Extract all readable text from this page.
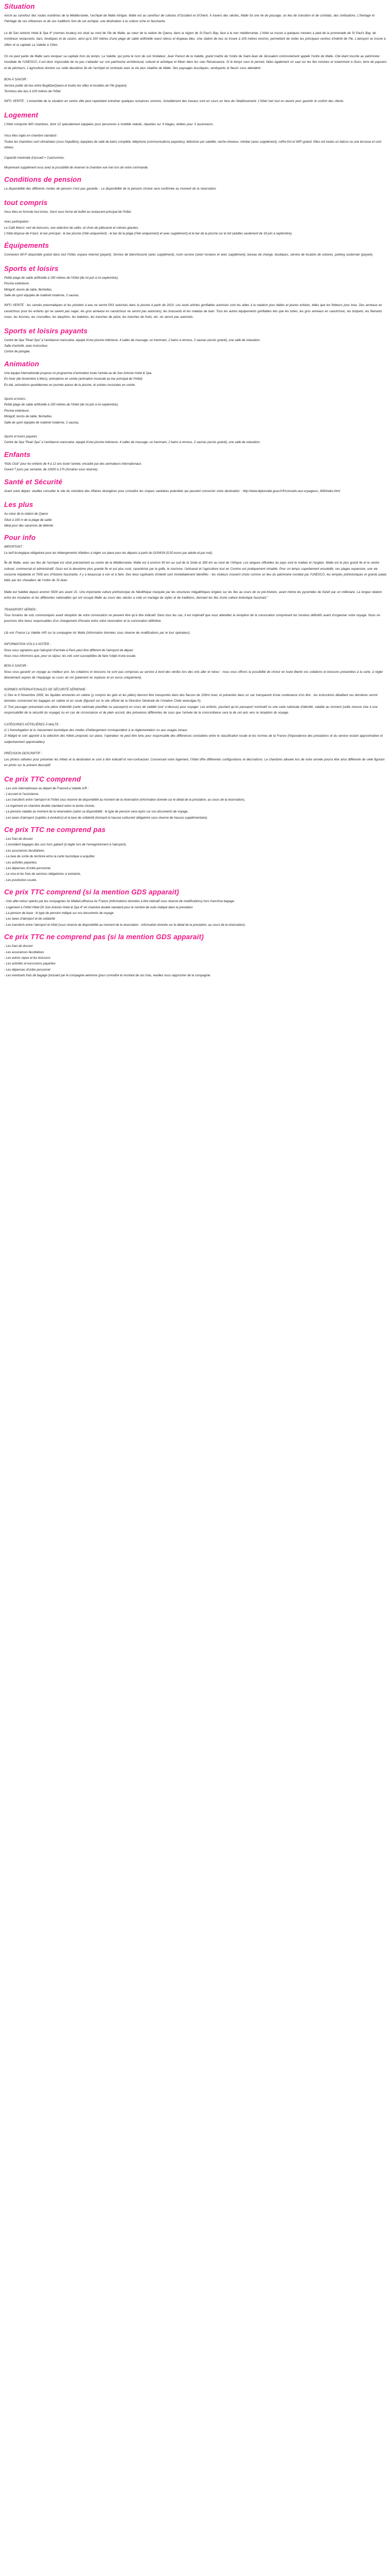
Situation

Ancré au carrefour des routes maritimes de la Méditerranée, l’archipel de Malte intrigue. Malte est au carrefour de cultures d’Occident et d’Orient. À travers des siècles, Malte fut une île de passage, un lieu de transition et de combats, des civilisations. L’héritage et l’héritage de ces influences et de ces traditions font de cet archipel, une destination à la culture riche et fascinante.

Le dit San Antonio Hotel & Spa 4* (normes locales) est situé au nord de l’île de Malte, au cœur de la station de Qawra, dans la région de St Paul’s Bay, face à la mer méditerranée. L’hôtel se trouve à quelques minutes à pied de la promenade de St Paul’s Bay, de nombreux restaurants, bars, boutiques et du casino, ainsi qu’à 100 mètres d’une plage de sable artificielle ouest rebrou et drapeau bleu. Une station de bus se trouve à 100 mètres environ, permettant de visiter les principaux centres d’intérêt de l’île. L’aéroport se trouve à 18km et la capitale La Valette à 15km.

On ne peut parler de Malte sans évoquer sa capitale hors du temps: La Valette, qui porte le nom de son fondateur, Jean Parisot de la Valette, grand maître de l’ordre de Saint-Jean de Jérusalem communément appelé l’ordre de Malte. Cité étant inscrite au patrimoine mondiale de l’UNESCO, il est donc impossible de ne pas s’attarder sur son patrimoine architectural, culturel et artistique et flâner dans les rues Renaissance. Si le temps vous le permet, faites également un saut sur les îles voisines et notamment à Gozo, terre de paysans et de pêcheurs. L’agriculture domine sur cette deuxième île de l’archipel et contraste avec la vie plus citadine de Malte. Des paysages bucoliques, verdoyants et fleuris vous attendent.

BON À SAVOIR :
Service public de bus entre Bugibba/Qawra et toutes les villes et localités de l’île (payant).
Terminus des bus à 100 mètres de l’hôtel

INFO VERITE : L’ensemble de la situation en centre ville peut cependant entraîner quelques nuisances sonores. Actuellement des travaux sont en cours en face de l’établissement. L’hôtel met tout en œuvre pour garantir le confort des clients.

Logement

L’hôtel comporte 600 chambres, dont 13 spécialement équipées pour personnes à mobilité réduite, réparties sur 9 étages, dotées pour 3 ascenseurs.

Vous êtes logés en chambre standard :
Toutes les chambres sont climatisées (sous l’équilibre), équipées de salle de bains complète, téléphone (communications payantes), télévision par satellite, sèche-cheveux, minibar (avec supplément), coffre-fort et WiFi gratuit. Elles ont toutes un balcon ou une terrasse et sont vitrées.
Capacité maximale d’accueil = 3 personnes.
Moyennant supplément vous avez la possibilité de réserver la chambre vue mer lors de votre commande.
Conditions de pension

La disponibilité des différents modes de pension n’est pas garantie - La disponibilité de la pension choisie sera confirmée au moment de la réservation.

tout compris
Vous êtes en formule tout inclus. Servi sous forme de buffet au restaurant principal de l’hôtel.
Avec participation :
Le Café Marco: vert de boissons, une sélection de cafés, et choix de pâtisserie et crèmes glacées.
L’hôtel dispose de 4 bars: le bar principal - le bar piscine (l’été uniquement) - le bar de la plage (l’été uniquement) et avec supplément) et le bar de la piscine sur le toit (adultes seulement de 18 juin à septembre).
Équipements

Connexion Wi-Fi disponible gratuit dans tout l’hôtel, espace internet (payant). Service de blanchisserie (avec supplément), room service (selon horaires et avec supplément), bureau de change, boutiques, service de location de voitures, parking souterrain (payant).

Sports et loisirs
Petite plage de sable artificielle à 100 mètres de l’hôtel (de mi-juin à mi-septembre).
Piscine extérieure.
Minigolf, tennis de table, fléchettes.
Salle de sport équipée de matériel moderne, 2 saunas.

INFO VERITE : les canoës pneumatiques et les pistolets à eau ne seront PAS autorisés dans la piscine à partir de 2019. Les seuls articles gonflables autorisés sont les aides à la natation pour bébés et jeunes enfants, telles que les flotteurs pour bras. Des anneaux en caoutchouc pour les enfants qui ne savent pas nager, les gros anneaux en caoutchouc ne seront pas autorisés), les brassards et les matelas de bain. Tous les autres équipements gonflables tels que les tubes, les gros anneaux en caoutchouc, les briquets, les flamants roses, les licornes, les crocodiles, les dauphins, les baleines, les tranches de pizza, les tranches de fruits, etc. ne seront pas autorisés.

Sports et loisirs payants
Centre de Spa “Pearl Spa” à l’ambiance marocaine, équipé d’une piscine intérieure, 4 salles de massage, un hammam, 2 bains à remous, 2 saunas (accès gratuit), une salle de relaxation.
Salle d’activité, avec instructeur.
Centre de plongée.
Animation
Une équipe internationale propose un programme d’animation toute l’année au de San Antonio Hotel & Spa.
En hiver (de Novembre à Mars), animations en soirée (animation musicale au bar principal de l’hôtel).
En été, animations quotidiennes en journée autour de la piscine, et soirées musicales en soirée.
Sports et loisirs :
Petite plage de sable artificielle à 100 mètres de l’hôtel (de mi-juin à mi-septembre).
Piscine extérieure.
Minigolf, tennis de table, fléchettes.
Salle de sport équipée de matériel moderne, 2 saunas.
Sports et loisirs payants :
Centre de Spa “Pearl Spa” à l’ambiance marocaine, équipé d’une piscine intérieure, 4 salles de massage, un hammam, 2 bains à remous, 2 saunas (accès gratuit), une salle de relaxation.
Enfants
“Kids Club” pour les enfants de 4 à 12 ans toute l’année, encadré par des animateurs internationaux.
Ouvert 7 jours par semaine, de 10h00 à 17h (horaires sous réserve).
Santé et Sécurité

Avant votre départ, veuillez consulter le site du ministère des Affaires étrangères pour connaître les risques sanitaires potentiels qui peuvent concerner votre destination : http://www.diplomatie.gouv.fr/fr/conseils-aux-voyageurs_909/index.html

Les plus
Au cœur de la station de Qawra
Situé à 100 m de la plage de sable
Idéal pour des vacances de détente
Pour info
IMPORTANT :
Le tarif écologique obligatoire pour les hébergements hôteliers à régler sur place pour les départs à partir du 01/04/16 (0,50 euros par adulte et par nuit).

Île de Malte, avec ses îles de l’archipel est situé précisément au centre de la Méditerranée. Malte est à environ 90 km au sud de la Sicile et 300 km au nord de l’Afrique. Les langues officielles du pays sont le maltais et l’anglais. Malte est le plus grand île et le centre culturel, commercial et administratif. Gozo est la deuxième plus grande île et est plus rural, caractérisé par le golfe, le tourisme, l’artisanat et l’agriculture tout en Comino est pratiquement inhabité. Pour un temps superbement ensoleillé, ses plages expansive, une vie nocturne trépidante et 7000 ans d’histoire fascinante, il y a beaucoup à voir et à faire. Des lieux captivants d’intérêt sont immédiatement identifiés - les visiteurs trouvent choisi comme un lieu du patrimoine mondial par l’UNESCO, les temples préhistoriques et grands palais bâtis par les chevaliers de l’ordre de St-Jean.

Malte est habitée depuis environ 5000 ans avant JC. Une importante culture préhistorique du Néolithique marquée par les structures mégalithiques érigées sur les îles au cours de ce pré-histoire, avant même les pyramides de Gizeh par un millénaire. La longue relation entre les insulaires et les différentes nationalités qui ont occupé Malte au cours des siècles a créé un mariage de styles et de traditions, donnant les îles d’une culture éclectique fascinant.”

TRANSPORT AÉRIEN :

Tous horaires de vols communiqués avant réception de votre convocation ne peuvent être qu’à titre indicatif. Dans tous les cas, il est impératif que vous attendiez la réception de la convocation comprenant les horaires définitifs avant d’organiser votre voyage. Nous ne pourrions être tenus responsables d’un changement d’horaire entre votre réservation et la convocation définitive.

Lib voir France La Valette A/R sur la compagnie Air Malta (Information données sous réserve de modifications par le tour opérateur).

INFORMATION VOLS A NOTER :
Nous vous signalons que l’aéroport d’arrivée à Paris peut être différent de l’aéroport de départ.
Nous vous informons que, pour ce séjour, les vols sont susceptibles de faire l’objet d’une escale.
BON À SAVOIR :

Nous vous garantir un voyage au meilleur prix, les collations et boissons ne sont pas comprises au service à bord des vérités lors des vols aller et retour ; nous vous offrons la possibilité de choisir en toute liberté vos collations et boissons présentées à la carte, à régler directement auprès de l’équipage ou cours du vol (paiement en espèces et en euros uniquement).

NORMES INTERNATIONALES DE SÉCURITÉ AÉRIENNE :

1/ Dès le 6 Novembre 2006, les liquides emmenés en cabine (y compris les gels et les pâtes) devront être transportés dans des flacons de 100ml maxi, et présentés dans un sac transparent d’une contenance d’un litre : les instructions détaillant ces dernières seront données concernant les bagages en cabine et en soute (figurant sur le site officiel de la Direction Générale de l’Aviation Civile www.dgac.fr).

2/ Tout passager présentant une pièce d’identité (carte nationale plastifiée ou passeport) en cours de validité (voir ci-dessus) pour voyager. Les enfants, pourtant qu’un passeport nominatif ou une carte nationale d’identité, valable au moment (cette mesure vise à une responsabilité de la sécurité du voyage) ou en cas de circonstance et de plein accord, des présences différentes de sous que l’arrivée de la concomitance sera la de cet avis vers la réception du voyage.

CATÉGORIES HÔTELIÈRES À MALTE :

1/ L’homologation et le classement touristique des modes d’hébergement correspondent à la réglementation ou aux usages locaux.

2/ Malgré le soin apporté à la sélection des hôtels proposés sur place, l’opérateur ne peut être tenu pour responsable des différences constatées entre le classification locale et les normes de la France (l’équivalence des prestations et du service restant approximative et subjectivement appréciables).

PRÉCISION DESCRIPTIF :

Les photos utilisées pour présenter les hôtels et la destination le sont à titre indicatif et non-contractuel. Concernant votre logement, l’hôtel offre différentes configurations et décorations. Le chambres allouée lors de votre arrivée pourra être ainsi différente de celle figurant en photo sur le présent descriptif.

Ce prix TTC comprend
- Les vols internationaux au départ de France/La Valette A/R ;
- L’accueil et l’assistance,
- Les transferts entre l’aéroport et l’hôtel sous réserve de disponibilité au moment de la réservation (information donnée sur le détail de la prestation, au cours de la réservation),
- Le logement en chambre double standard selon la durée choisie,
- La pension valable au moment de la réservation (selon sa disponibilité : le type de pension sera repris sur vos documents de voyage,
- Les taxes d’aéroport (sujettes à évolution) et la taxe de solidarité (incluant la hausse carburant obligatoire sous réserve de hausse supplémentaire).
Ce prix TTC ne comprend pas
- Les frais de dossier
- L’excédent bagages des soci hors gabarit (à régler lors de l’enregistrement à l’aéroport),
- Les assurances facultatives,
- La taxe de sortie du territoire et/ou la carte touristique à acquitter,
- Les activités payantes,
- Les dépenses d’ordre personnel,
- Le visa et les frais de services obligatoires si existants,
- Les pourboires usuels.
Ce prix TTC comprend (si la mention GDS apparait)
- Vols aller-retour opérés par les compagnies Air Malta/Lufthansa Air France (Informations données à titre indicatif sous réserve de modifications) hors franchise bagage.
- Logement à l’hôtel Hôtel Dh San Antonio Hotel & Spa 4* en chambre double standard pour le nombre de nuits indiqué dans la prestation
- La pension de base : le type de pension indiqué sur vos documents de voyage
- Les taxes d’aéroport et de solidarité
- Les transferts entre l’aéroport et hôtel (sous réserve de disponibilité au moment de la réservation - information donnée sur le détail de la prestation, au cours de la réservation).
Ce prix TTC ne comprend pas (si la mention GDS apparait)
- Les frais de dossier
- Les assurances facultatives
- Les autres repas et les boissons
- Les activités et excursions payantes
- Les dépenses d’ordre personnel
- Les éventuels frais de bagage (incluant par le compagnie aérienne (pour connaître le montant de ces frais, veuillez vous rapprocher de la compagnie.
